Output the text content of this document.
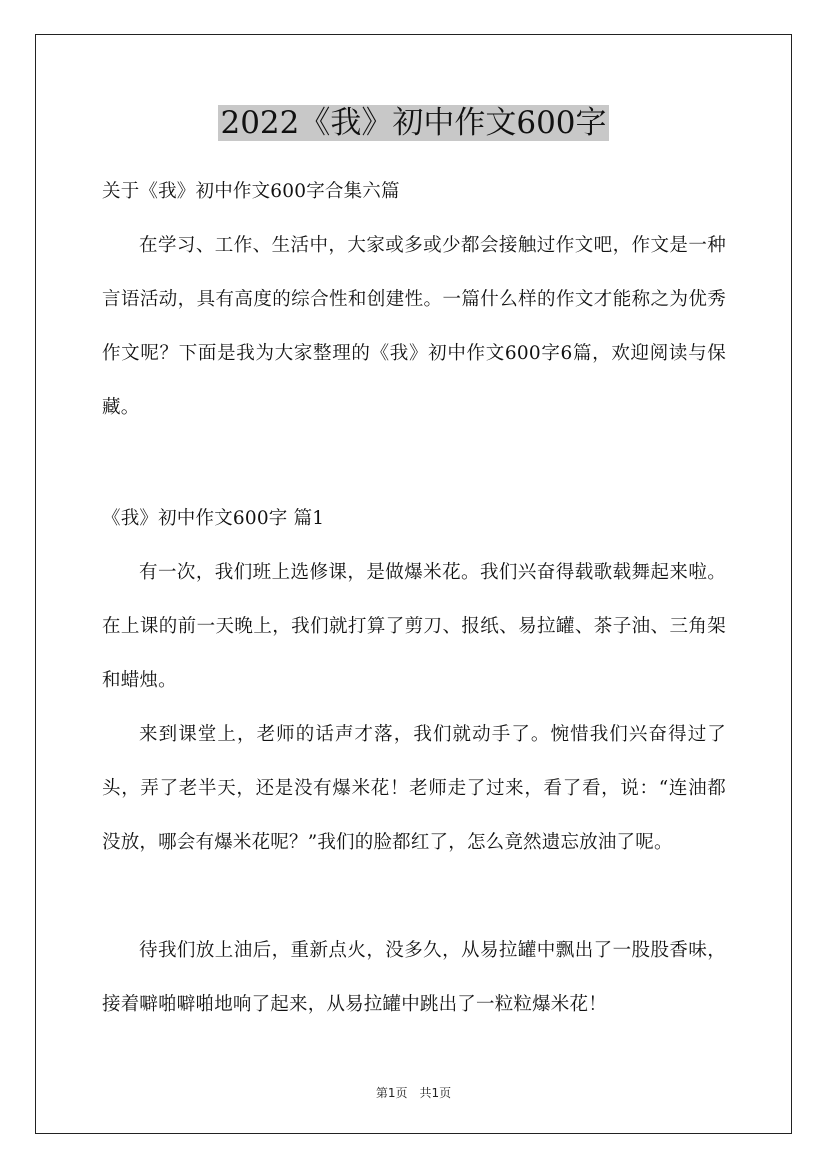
2022《我》初中作文600字

关于《我》初中作文600字合集六篇

在学习、工作、生活中，大家或多或少都会接触过作文吧，作文是一种言语活动，具有高度的综合性和创建性。一篇什么样的作文才能称之为优秀作文呢？下面是我为大家整理的《我》初中作文600字6篇，欢迎阅读与保藏。

《我》初中作文600字 篇1

有一次，我们班上选修课，是做爆米花。我们兴奋得载歌载舞起来啦。在上课的前一天晚上，我们就打算了剪刀、报纸、易拉罐、茶子油、三角架和蜡烛。

来到课堂上，老师的话声才落，我们就动手了。惋惜我们兴奋得过了头，弄了老半天，还是没有爆米花！老师走了过来，看了看，说：“连油都没放，哪会有爆米花呢？”我们的脸都红了，怎么竟然遗忘放油了呢。

待我们放上油后，重新点火，没多久，从易拉罐中飘出了一股股香味，接着噼啪噼啪地响了起来，从易拉罐中跳出了一粒粒爆米花！

第1页　共1页
